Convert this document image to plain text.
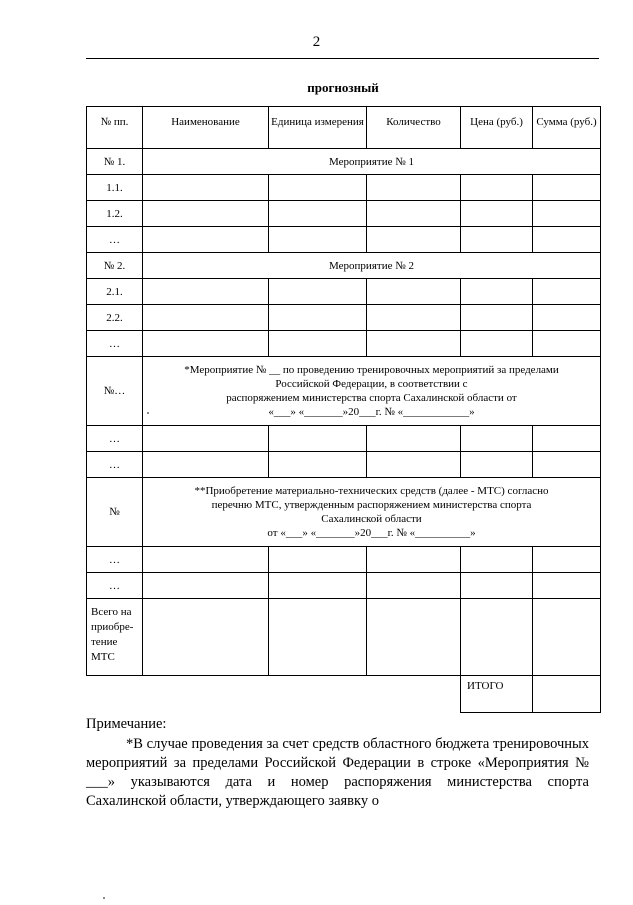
2
прогнозный
№ пп.	Наименование	Единица измерения	Количество	Цена (руб.)	Сумма (руб.)
№ 1.	Мероприятие № 1				
1.1.					
1.2.					
…					
№ 2.	Мероприятие № 2				
2.1.					
2.2.					
…					
№…	*Мероприятие № __ по проведению тренировочных мероприятий за пределами
Российской Федерации, в соответствии с
распоряжением министерства спорта Сахалинской области от
«___» «_______»20___г. № «____________»				

…					
…					
№	**Приобретение материально-технических средств (далее - МТС) согласно
перечню МТС, утвержденным распоряжением министерства спорта
Сахалинской области
от «___» «_______»20___г. № «__________»				

…					
…					

Всего на
приобре-
тение
МТС					

				ИТОГО	
Примечание:

*В случае проведения за счет средств областного бюджета тренировочных мероприятий за пределами Российской Федерации в строке «Мероприятия № ___» указываются дата и номер распоряжения министерства спорта Сахалинской области, утверждающего заявку о
